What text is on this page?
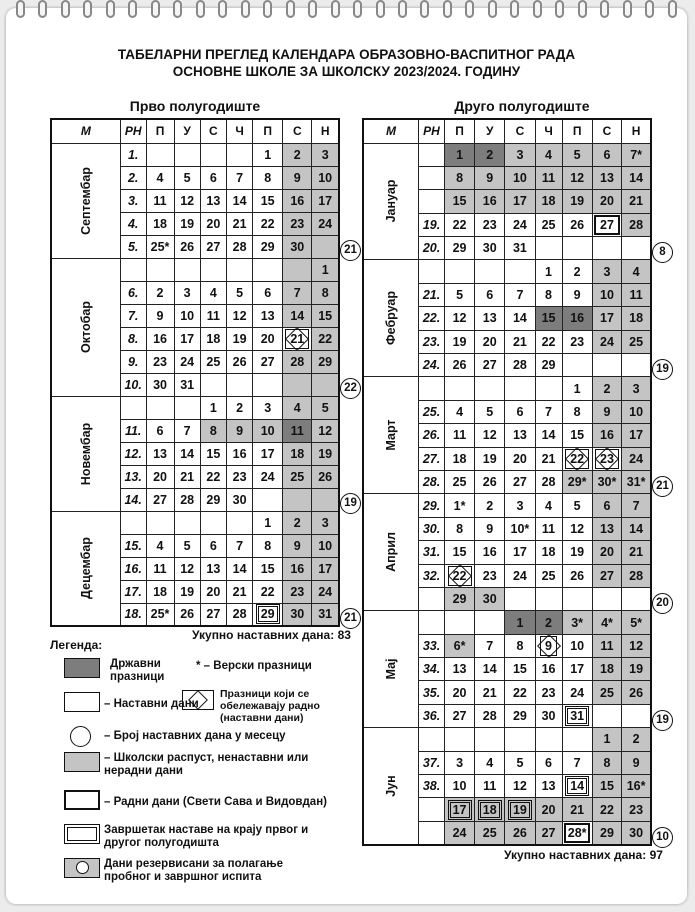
ТАБЕЛАРНИ ПРЕГЛЕД КАЛЕНДАРА ОБРАЗОВНО-ВАСПИТНОГ РАДА
ОСНОВНЕ ШКОЛЕ ЗА ШКОЛСКУ 2023/2024. ГОДИНУ
Прво полугодиште	Друго полугодиште
М	РН	П	У	С	Ч	П	С	Н

Септембар	1.					1	2	3
	2.	4	5	6	7	8	9	10
	3.	11	12	13	14	15	16	17
	4.	18	19	20	21	22	23	24
	5.	25*	26	27	28	29	30	

Октобар								1
	6.	2	3	4	5	6	7	8
	7.	9	10	11	12	13	14	15
	8.	16	17	18	19	20	21	22
	9.	23	24	25	26	27	28	29
	10.	30	31					

Новембар				1	2	3	4	5
	11.	6	7	8	9	10	11	12
	12.	13	14	15	16	17	18	19
	13.	20	21	22	23	24	25	26
	14.	27	28	29	30			

Децембар						1	2	3
	15.	4	5	6	7	8	9	10
	16.	11	12	13	14	15	16	17
	17.	18	19	20	21	22	23	24
	18.	25*	26	27	28	29	30	31
М	РН	П	У	С	Ч	П	С	Н

Јануар		1	2	3	4	5	6	7*
		8	9	10	11	12	13	14
		15	16	17	18	19	20	21
	19.	22	23	24	25	26	27	28
	20.	29	30	31				

Фебруар					1	2	3	4
	21.	5	6	7	8	9	10	11
	22.	12	13	14	15	16	17	18
	23.	19	20	21	22	23	24	25
	24.	26	27	28	29			

Март						1	2	3
	25.	4	5	6	7	8	9	10
	26.	11	12	13	14	15	16	17
	27.	18	19	20	21	22	23	24
	28.	25	26	27	28	29*	30*	31*

Април	29.	1*	2	3	4	5	6	7
	30.	8	9	10*	11	12	13	14
	31.	15	16	17	18	19	20	21
	32.	22	23	24	25	26	27	28
		29	30					

Мај				1	2	3*	4*	5*
	33.	6*	7	8	9	10	11	12
	34.	13	14	15	16	17	18	19
	35.	20	21	22	23	24	25	26
	36.	27	28	29	30	31		

Јун							1	2
	37.	3	4	5	6	7	8	9
	38.	10	11	12	13	14	15	16*
		17	18	19	20	21	22	23
		24	25	26	27	28*	29	30
Укупно наставних дана: 83
Укупно наставних дана: 97
Легенда:
Државни празници
* – Верски празници
– Наставни дани
Празници који се обележавају радно (наставни дани)
– Број наставних дана у месецу
– Школски распуст, ненаставни или нерадни дани
– Радни дани (Свети Сава и Видовдан)
Завршетак наставе на крају првог и другог полугодишта
Дани резервисани за полагање пробног и завршног испита
21
22
19
21
8
19
21
20
19
10
